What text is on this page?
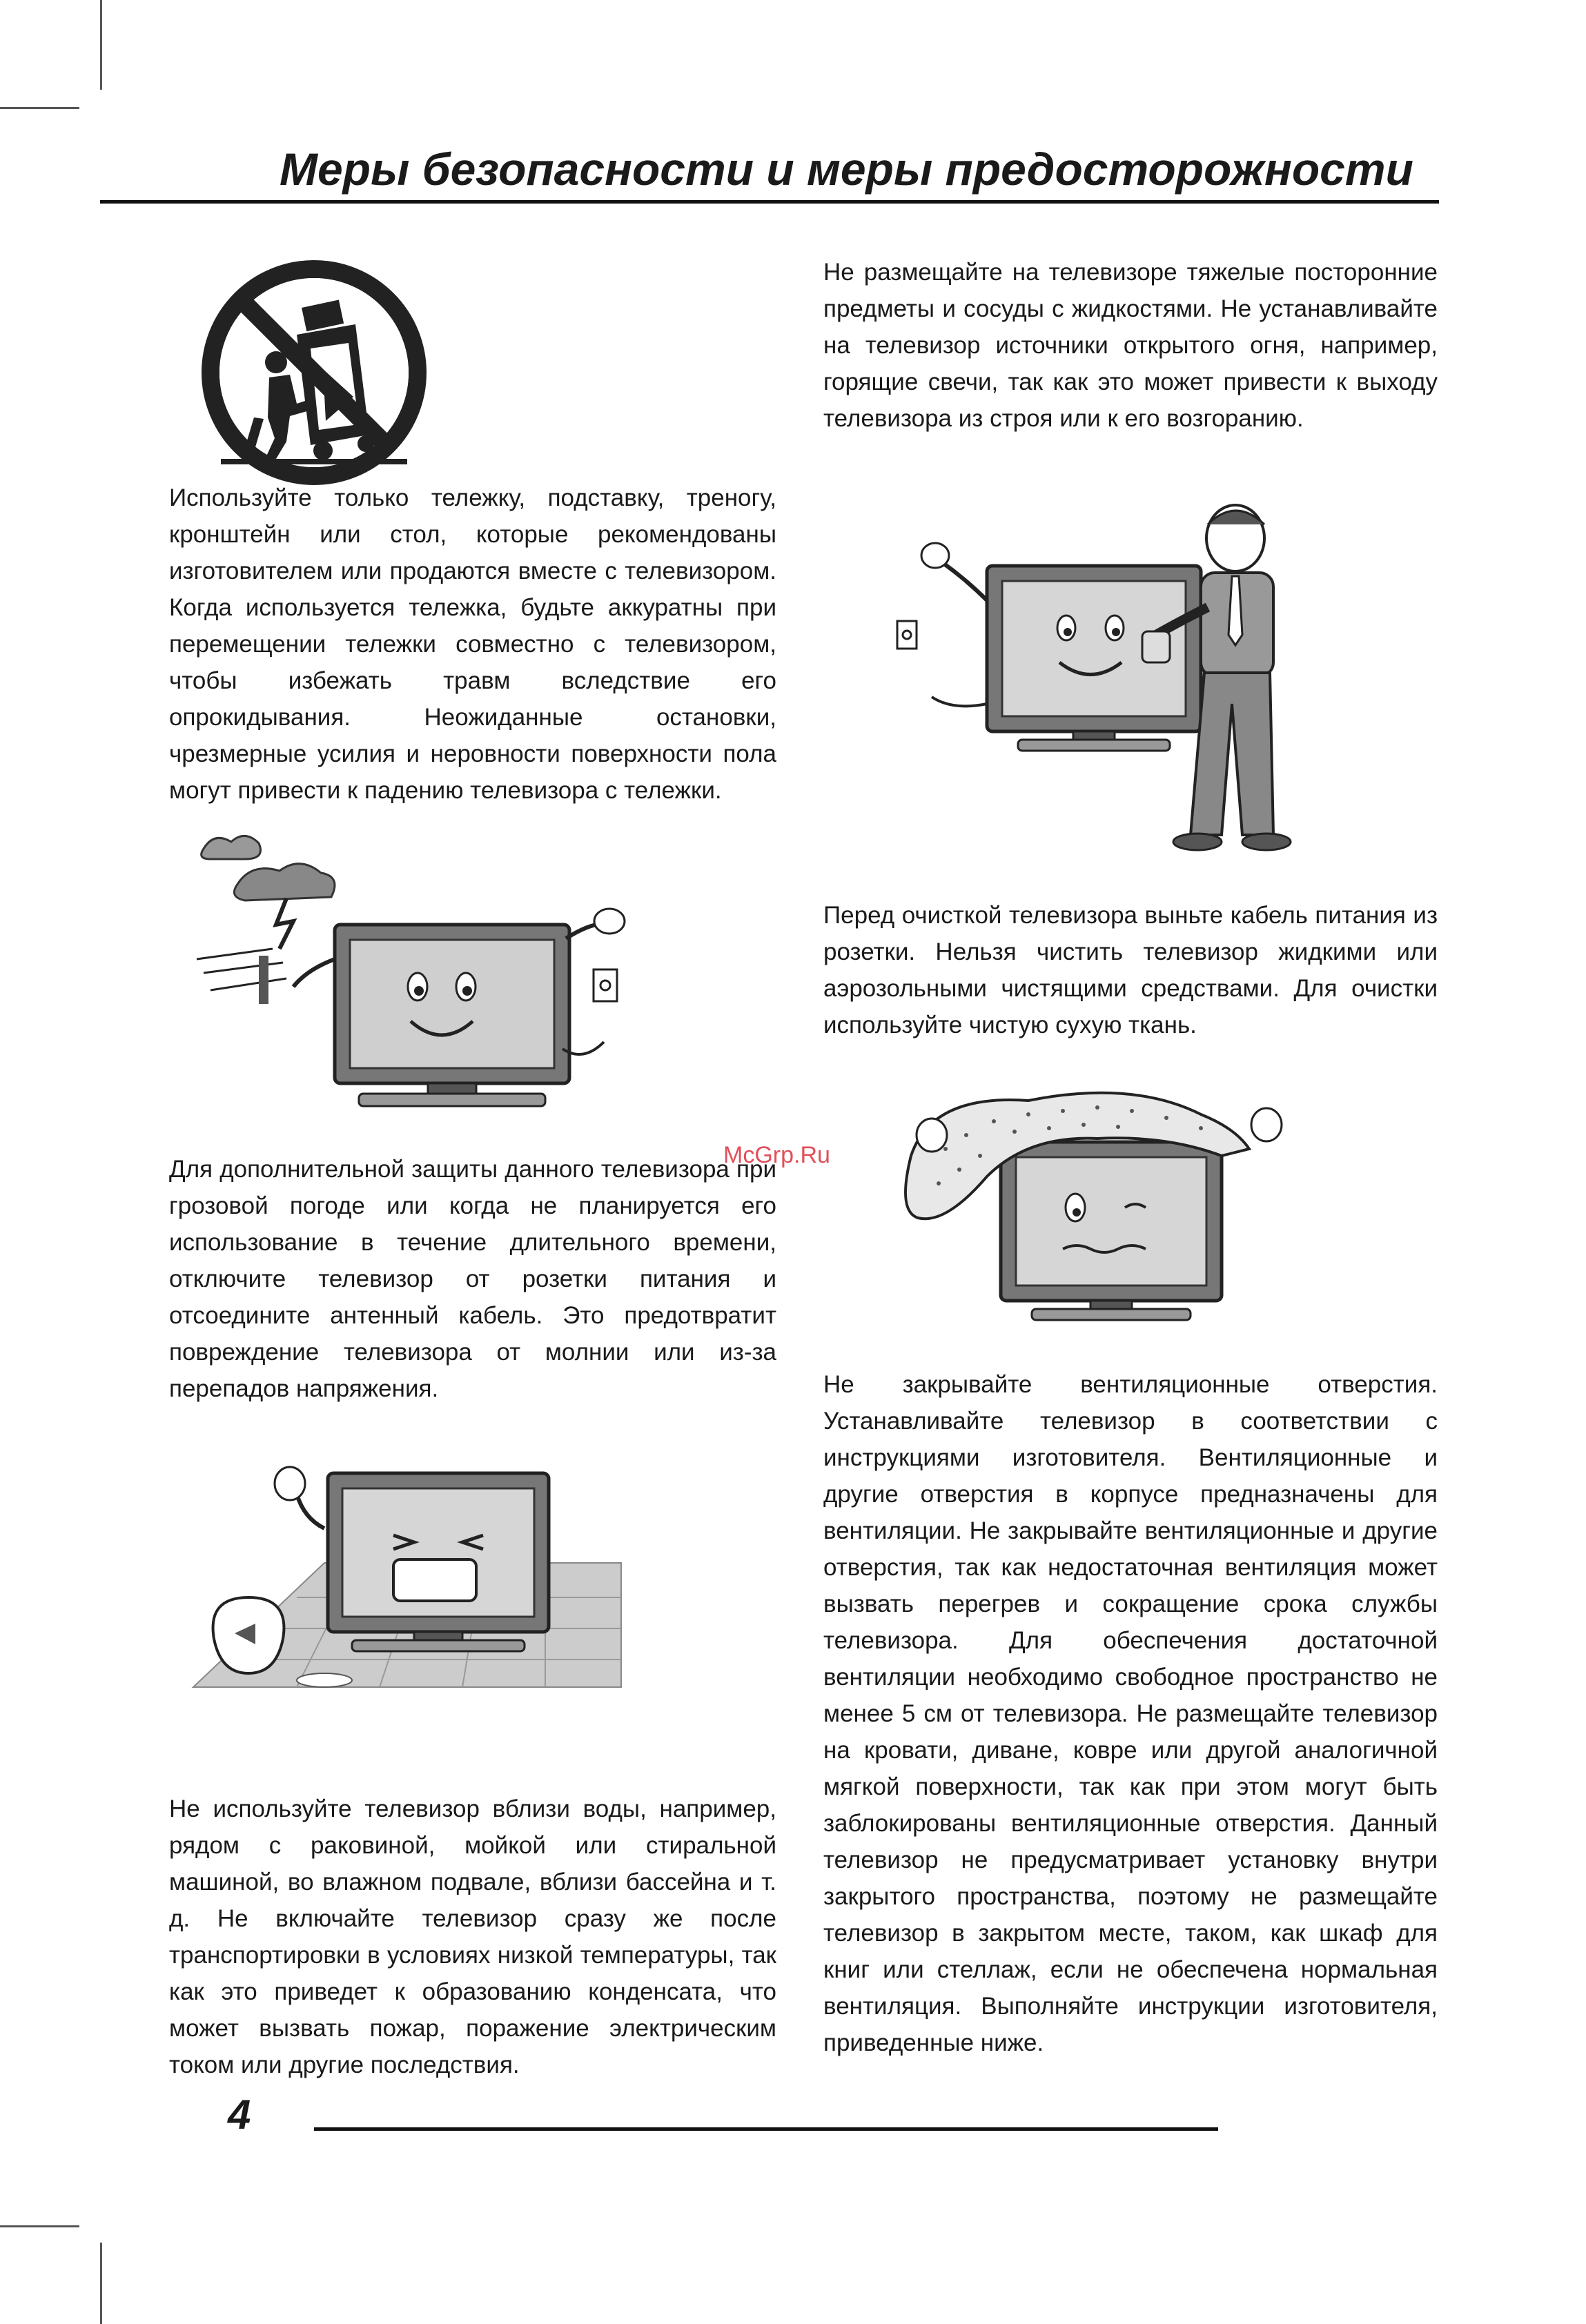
Меры безопасности и меры предосторожности

Используйте только тележку, подставку, треногу, кронштейн или стол, которые рекомендованы изготовителем или продаются вместе с телевизором. Когда используется тележка, будьте аккуратны при перемещении тележки совместно с телевизором, чтобы избежать травм вследствие его опрокидывания. Неожиданные остановки, чрезмерные усилия и неровности поверхности пола могут привести к падению телевизора с тележки.

Для дополнительной защиты данного телевизора при грозовой погоде или когда не планируется его использование в течение длительного времени, отключите телевизор от розетки питания и отсоедините антенный кабель. Это предотвратит повреждение телевизора от молнии или из-за перепадов напряжения.

Не используйте телевизор вблизи воды, например, рядом с раковиной, мойкой или стиральной машиной, во влажном подвале, вблизи бассейна и т. д. Не включайте телевизор сразу же после транспортировки в условиях низкой температуры, так как это приведет к образованию конденсата, что может вызвать пожар, поражение электрическим током или другие последствия.

Не размещайте на телевизоре тяжелые посторонние предметы и сосуды с жидкостями. Не устанавливайте на телевизор источники открытого огня, например, горящие свечи, так как это может привести к выходу телевизора из строя или к его возгоранию.

Перед очисткой телевизора выньте кабель питания из розетки. Нельзя чистить телевизор жидкими или аэрозольными чистящими средствами. Для очистки используйте чистую сухую ткань.

Не закрывайте вентиляционные отверстия. Устанавливайте телевизор в соответствии с инструкциями изготовителя. Вентиляционные и другие отверстия в корпусе предназначены для вентиляции. Не закрывайте вентиляционные и другие отверстия, так как недостаточная вентиляция может вызвать перегрев и сокращение срока службы телевизора. Для обеспечения достаточной вентиляции необходимо свободное пространство не менее 5 см от телевизора. Не размещайте телевизор на кровати, диване, ковре или другой аналогичной мягкой поверхности, так как при этом могут быть заблокированы вентиляционные отверстия. Данный телевизор не предусматривает установку внутри закрытого пространства, поэтому не размещайте телевизор в закрытом месте, таком, как шкаф для книг или стеллаж, если не обеспечена нормальная вентиляция. Выполняйте инструкции изготовителя, приведенные ниже.

McGrp.Ru
4
